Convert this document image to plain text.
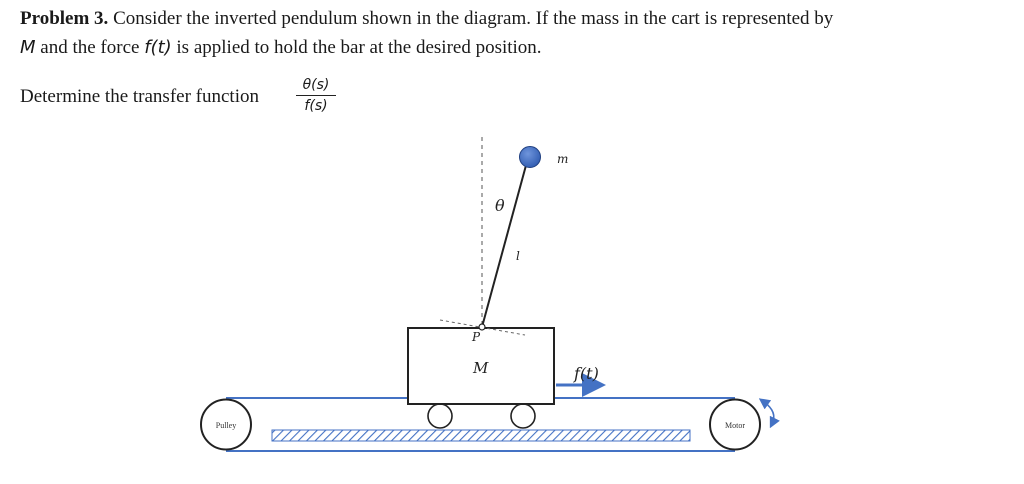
Problem 3. Consider the inverted pendulum shown in the diagram. If the mass in the cart is represented by
M and the force f(t) is applied to hold the bar at the desired position.

Determine the transfer function
θ(s)
f(s)
Pulley	Motor
m
θ
l
P
M	f(t)
